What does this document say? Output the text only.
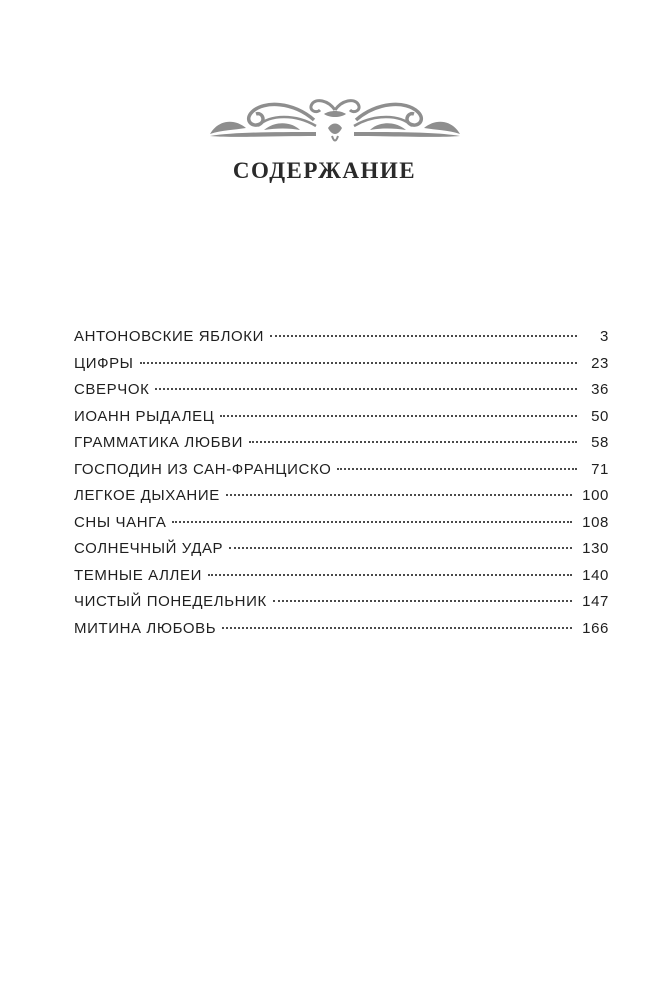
СОДЕРЖАНИЕ
АНТОНОВСКИЕ ЯБЛОКИ	3
ЦИФРЫ	23
СВЕРЧОК	36
ИОАНН РЫДАЛЕЦ	50
ГРАММАТИКА ЛЮБВИ	58
ГОСПОДИН ИЗ САН-ФРАНЦИСКО	71
ЛЕГКОЕ ДЫХАНИЕ	100
СНЫ ЧАНГА	108
СОЛНЕЧНЫЙ УДАР	130
ТЕМНЫЕ АЛЛЕИ	140
ЧИСТЫЙ ПОНЕДЕЛЬНИК	147
МИТИНА ЛЮБОВЬ	166
